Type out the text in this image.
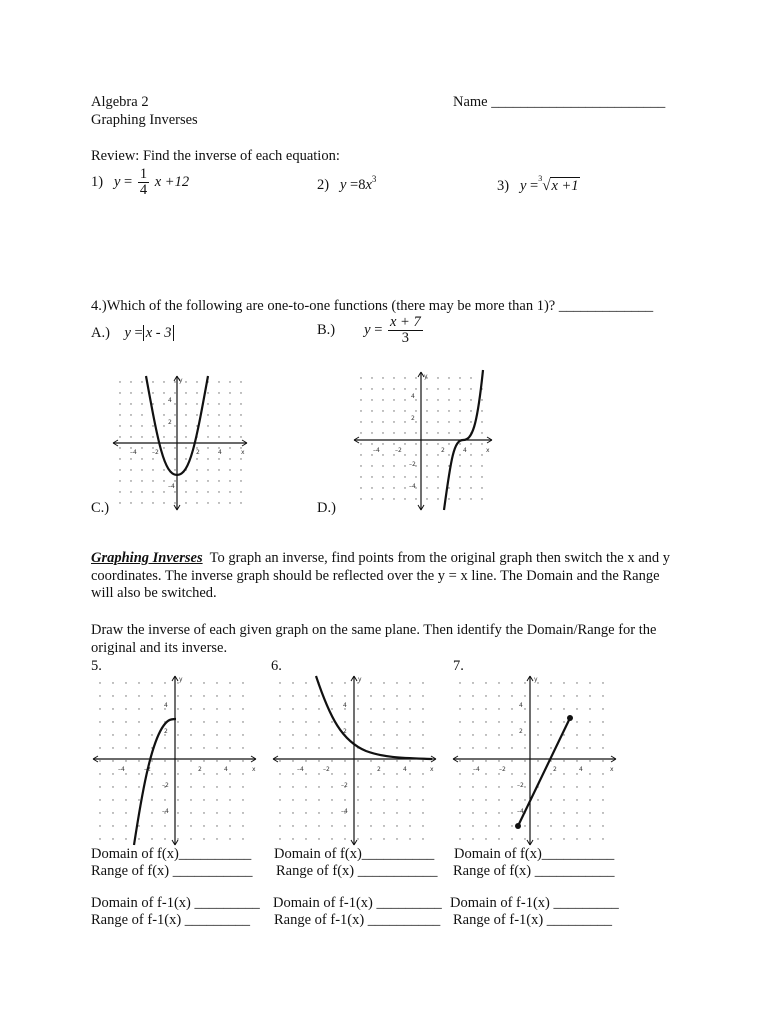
Algebra 2
Graphing Inverses
Name ________________________
Review: Find the inverse of each equation:
1) $y = \frac{1}{4}$ x +12	2) $y =8x^3$	3) y =$^3$√x +1
4.)Which of the following are one-to-one functions (there may be more than 1)? _____________
A.) y = x - 3	B.) $y = \frac{x + 7}{3}$
C.)	D.)
y
x
4
2
–4
–4	–2	2	4
y
x
4
2
–2
–4
–4	–2	2	4
Graphing Inverses To graph an inverse, find points from the original graph then switch the x and y coordinates. The inverse graph should be reflected over the y = x line. The Domain and the Range will also be switched.
Draw the inverse of each given graph on the same plane. Then identify the Domain/Range for the original and its inverse.
5.	6.	7.
y
x
4
2
–2
–4
–4	–2	2	4
y
x
4
2
–2
–4
–4	–2	2	4
y
x
4
2
–2
–4
–4	–2	2	4
Domain of f(x)__________
Range of f(x) ___________
Domain of f-1(x) _________
Range of f-1(x) _________
Domain of f(x)__________
Range of f(x) ___________
Domain of f-1(x) _________
Range of f-1(x) __________
Domain of f(x)__________
Range of f(x) ___________
Domain of f-1(x) _________
Range of f-1(x) _________
